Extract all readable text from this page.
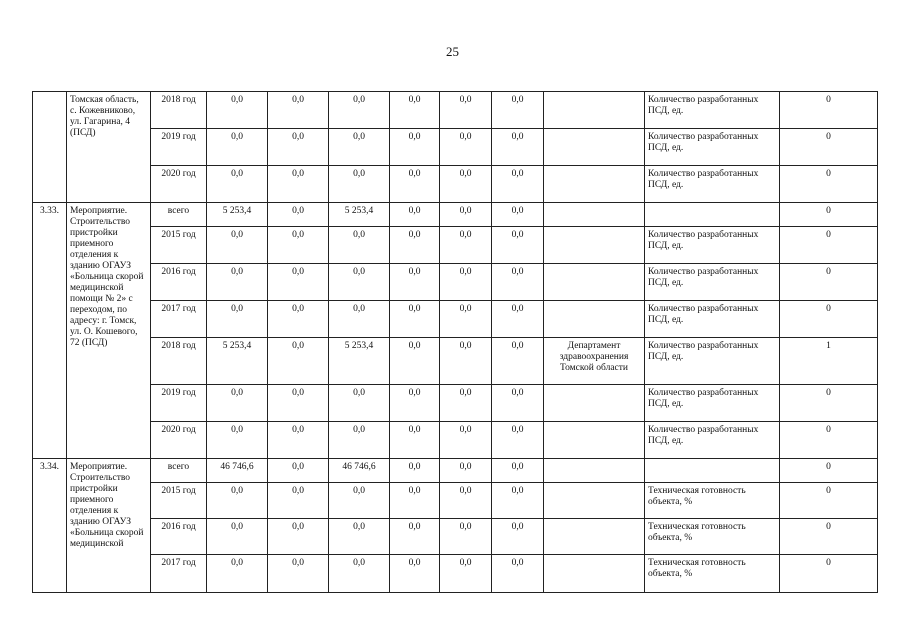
25
	Томская область, с. Кожевниково, ул. Гагарина, 4 (ПСД)	2018 год	0,0	0,0	0,0	0,0	0,0	0,0		Количество разработанных ПСД, ед.	0
		2019 год	0,0	0,0	0,0	0,0	0,0	0,0		Количество разработанных ПСД, ед.	0
		2020 год	0,0	0,0	0,0	0,0	0,0	0,0		Количество разработанных ПСД, ед.	0
3.33.	Мероприятие. Строительство пристройки приемного отделения к зданию ОГАУЗ «Больница скорой медицинской помощи № 2» с переходом, по адресу: г. Томск, ул. О. Кошевого, 72 (ПСД)	всего	5 253,4	0,0	5 253,4	0,0	0,0	0,0			0
		2015 год	0,0	0,0	0,0	0,0	0,0	0,0		Количество разработанных ПСД, ед.	0
		2016 год	0,0	0,0	0,0	0,0	0,0	0,0		Количество разработанных ПСД, ед.	0
		2017 год	0,0	0,0	0,0	0,0	0,0	0,0		Количество разработанных ПСД, ед.	0
		2018 год	5 253,4	0,0	5 253,4	0,0	0,0	0,0	Департамент здравоохранения Томской области	Количество разработанных ПСД, ед.	1
		2019 год	0,0	0,0	0,0	0,0	0,0	0,0		Количество разработанных ПСД, ед.	0
		2020 год	0,0	0,0	0,0	0,0	0,0	0,0		Количество разработанных ПСД, ед.	0
3.34.	Мероприятие. Строительство пристройки приемного отделения к зданию ОГАУЗ «Больница скорой медицинской	всего	46 746,6	0,0	46 746,6	0,0	0,0	0,0			0
		2015 год	0,0	0,0	0,0	0,0	0,0	0,0		Техническая готовность объекта, %	0
		2016 год	0,0	0,0	0,0	0,0	0,0	0,0		Техническая готовность объекта, %	0
		2017 год	0,0	0,0	0,0	0,0	0,0	0,0		Техническая готовность объекта, %	0
